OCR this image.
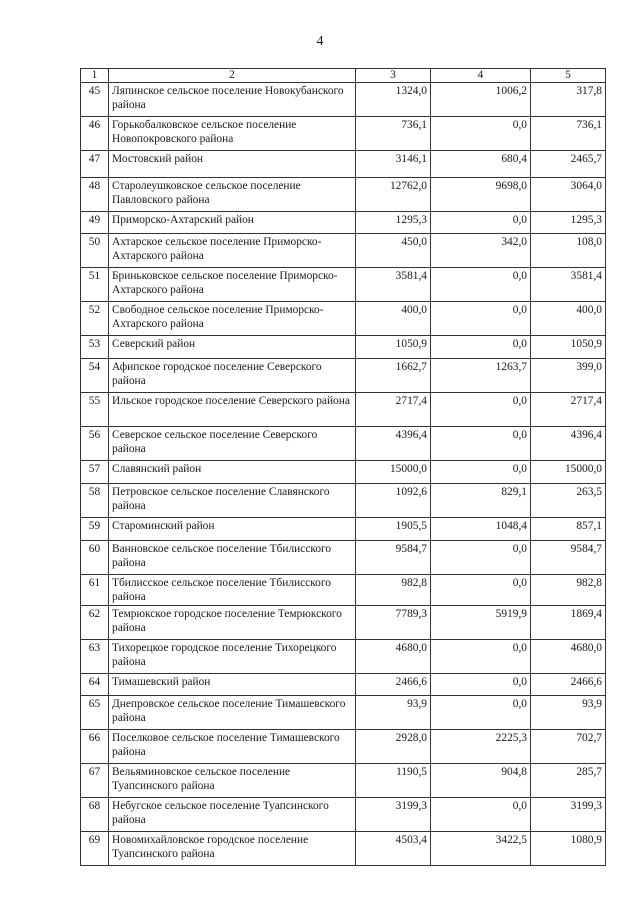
4
1	2	3	4	5
45	Ляпинское сельское поселение Новокубанского района	1324,0	1006,2	317,8
46	Горькобалковское сельское поселение Новопокровского района	736,1	0,0	736,1
47	Мостовский район	3146,1	680,4	2465,7
48	Старолеушковское сельское поселение Павловского района	12762,0	9698,0	3064,0
49	Приморско-Ахтарский район	1295,3	0,0	1295,3
50	Ахтарское сельское поселение Приморско-Ахтарского района	450,0	342,0	108,0
51	Бриньковское сельское поселение Приморско-Ахтарского района	3581,4	0,0	3581,4
52	Свободное сельское поселение Приморско-Ахтарского района	400,0	0,0	400,0
53	Северский район	1050,9	0,0	1050,9
54	Афипское городское поселение Северского района	1662,7	1263,7	399,0
55	Ильское городское поселение Северского района	2717,4	0,0	2717,4
56	Северское сельское поселение Северского района	4396,4	0,0	4396,4
57	Славянский район	15000,0	0,0	15000,0
58	Петровское сельское поселение Славянского района	1092,6	829,1	263,5
59	Староминский район	1905,5	1048,4	857,1
60	Ванновское сельское поселение Тбилисского района	9584,7	0,0	9584,7
61	Тбилисское сельское поселение Тбилисского района	982,8	0,0	982,8
62	Темрюкское городское поселение Темрюкского района	7789,3	5919,9	1869,4
63	Тихорецкое городское поселение Тихорецкого района	4680,0	0,0	4680,0
64	Тимашевский район	2466,6	0,0	2466,6
65	Днепровское сельское поселение Тимашевского района	93,9	0,0	93,9
66	Поселковое сельское поселение Тимашевского района	2928,0	2225,3	702,7
67	Вельяминовское сельское поселение Туапсинского района	1190,5	904,8	285,7
68	Небугское сельское поселение Туапсинского района	3199,3	0,0	3199,3
69	Новомихайловское городское поселение Туапсинского района	4503,4	3422,5	1080,9
